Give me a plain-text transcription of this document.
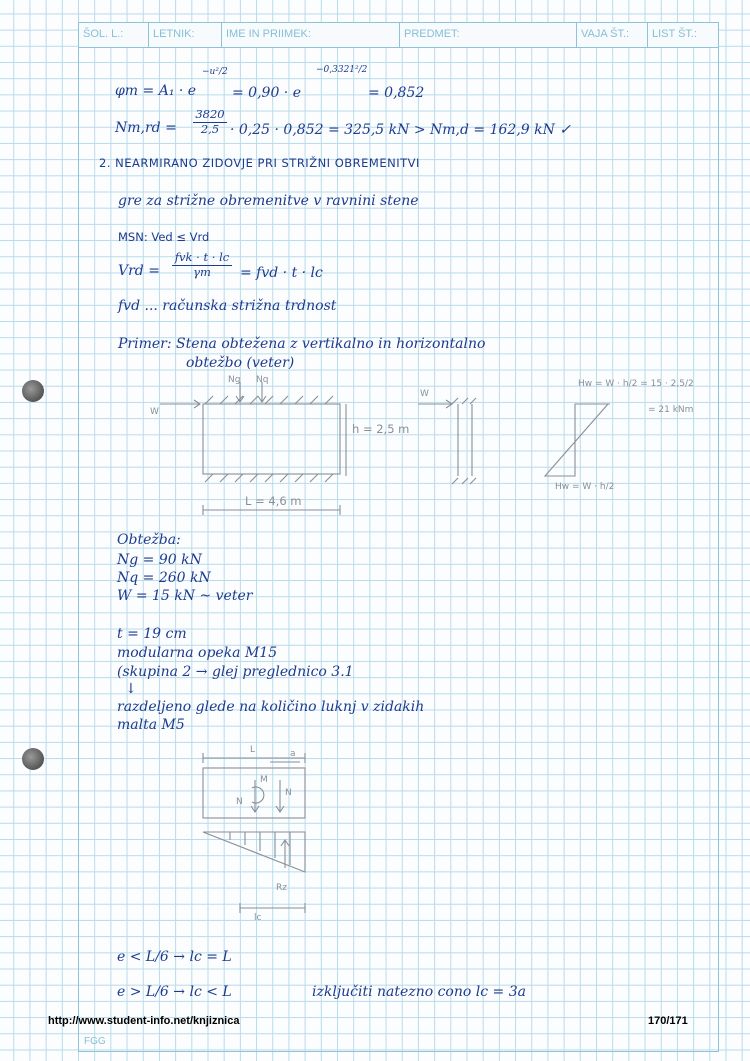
ŠOL. L.:	LETNIK:	IME IN PRIIMEK:	PREDMET:	VAJA ŠT.:	LIST ŠT.:
φm = A₁ · e
−u²/2
= 0,90 · e
−0,3321²/2
= 0,852
$Nm,rd = \frac{3820}{2,5} \cdot 0,25 \cdot 0,852 = 325,5$ kN > Nm,d = 162,9 kN ✓
2. NEARMIRANO ZIDOVJE PRI STRIŽNI OBREMENITVI
gre za strižne obremenitve v ravnini stene
MSN: Ved ≤ Vrd
Vrd =
fvk · t · lc
γm	= fvd · t · lc
fvd ... računska strižna trdnost
Primer: Stena obtežena z vertikalno in horizontalno
obtežbo (veter)
Ng Nq
W
h = 2,5 m
L = 4,6 m
W
Hw = W · h/2 = 15 · 2,5/2
= 21 kNm
Hw = W · h/2
Obtežba:
Ng = 90 kN
Nq = 260 kN
W = 15 kN ~ veter
t = 19 cm
modularna opeka M15
(skupina 2 → glej preglednico 3.1
↓
razdeljeno glede na količino luknj v zidakih
malta M5
L	a
M
N
N
Rz
lc
e < L/6 → lc = L
e > L/6 → lc < L	izključiti natezno cono lc = 3a
http://www.student-info.net/knjiznica	170/171
FGG
